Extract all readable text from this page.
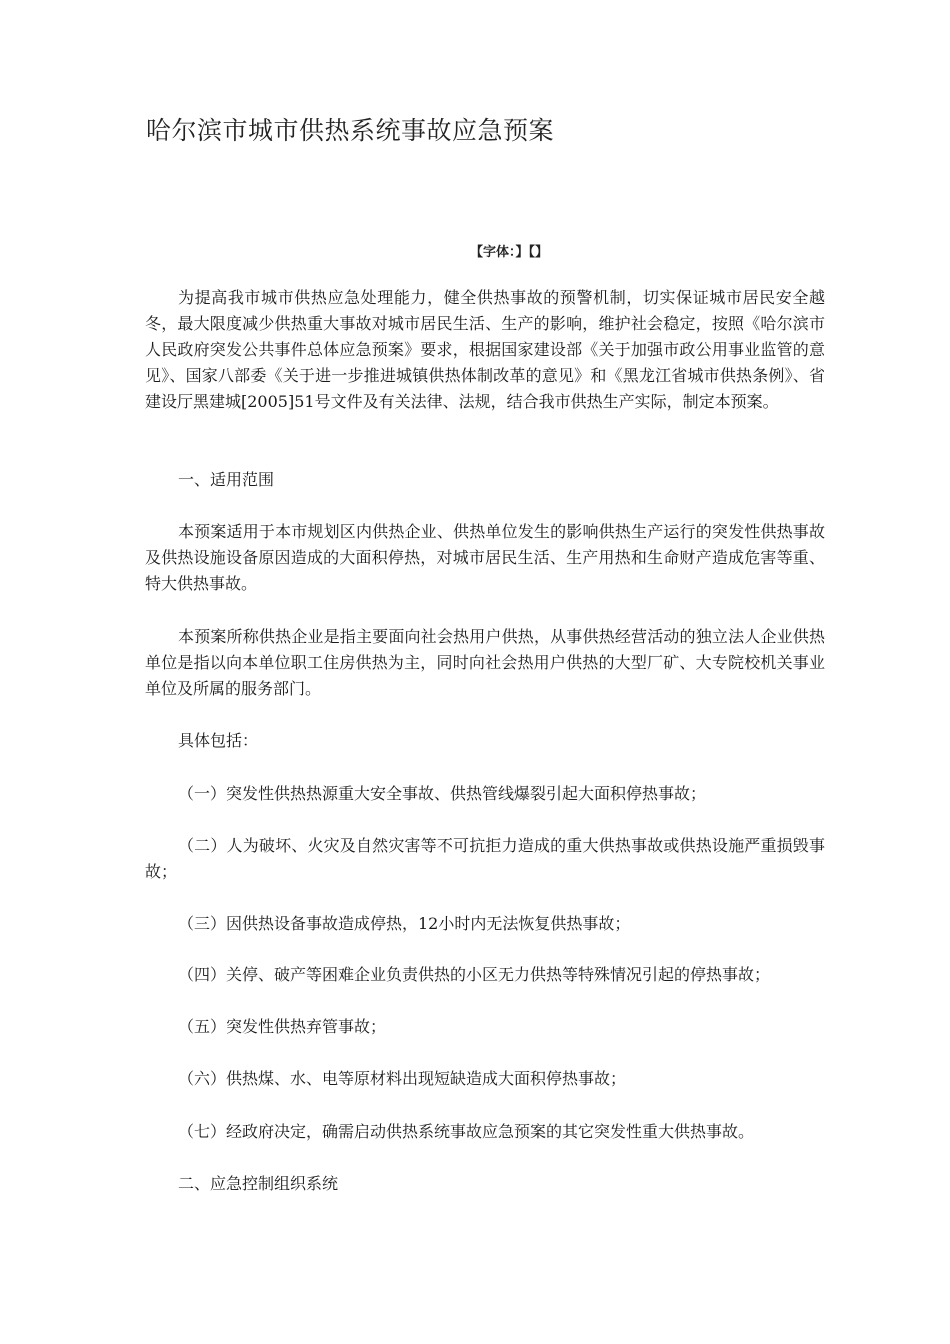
哈尔滨市城市供热系统事故应急预案
【字体：】【】

为提高我市城市供热应急处理能力，健全供热事故的预警机制，切实保证城市居民安全越冬，最大限度减少供热重大事故对城市居民生活、生产的影响，维护社会稳定，按照《哈尔滨市人民政府突发公共事件总体应急预案》要求，根据国家建设部《关于加强市政公用事业监管的意见》、国家八部委《关于进一步推进城镇供热体制改革的意见》和《黑龙江省城市供热条例》、省建设厅黑建城[2005]51号文件及有关法律、法规，结合我市供热生产实际，制定本预案。

一、适用范围

本预案适用于本市规划区内供热企业、供热单位发生的影响供热生产运行的突发性供热事故及供热设施设备原因造成的大面积停热，对城市居民生活、生产用热和生命财产造成危害等重、特大供热事故。

本预案所称供热企业是指主要面向社会热用户供热，从事供热经营活动的独立法人企业供热单位是指以向本单位职工住房供热为主，同时向社会热用户供热的大型厂矿、大专院校机关事业单位及所属的服务部门。

具体包括：

（一）突发性供热热源重大安全事故、供热管线爆裂引起大面积停热事故；

（二）人为破坏、火灾及自然灾害等不可抗拒力造成的重大供热事故或供热设施严重损毁事故；

（三）因供热设备事故造成停热，12小时内无法恢复供热事故；

（四）关停、破产等困难企业负责供热的小区无力供热等特殊情况引起的停热事故；

（五）突发性供热弃管事故；

（六）供热煤、水、电等原材料出现短缺造成大面积停热事故；

（七）经政府决定，确需启动供热系统事故应急预案的其它突发性重大供热事故。

二、应急控制组织系统
